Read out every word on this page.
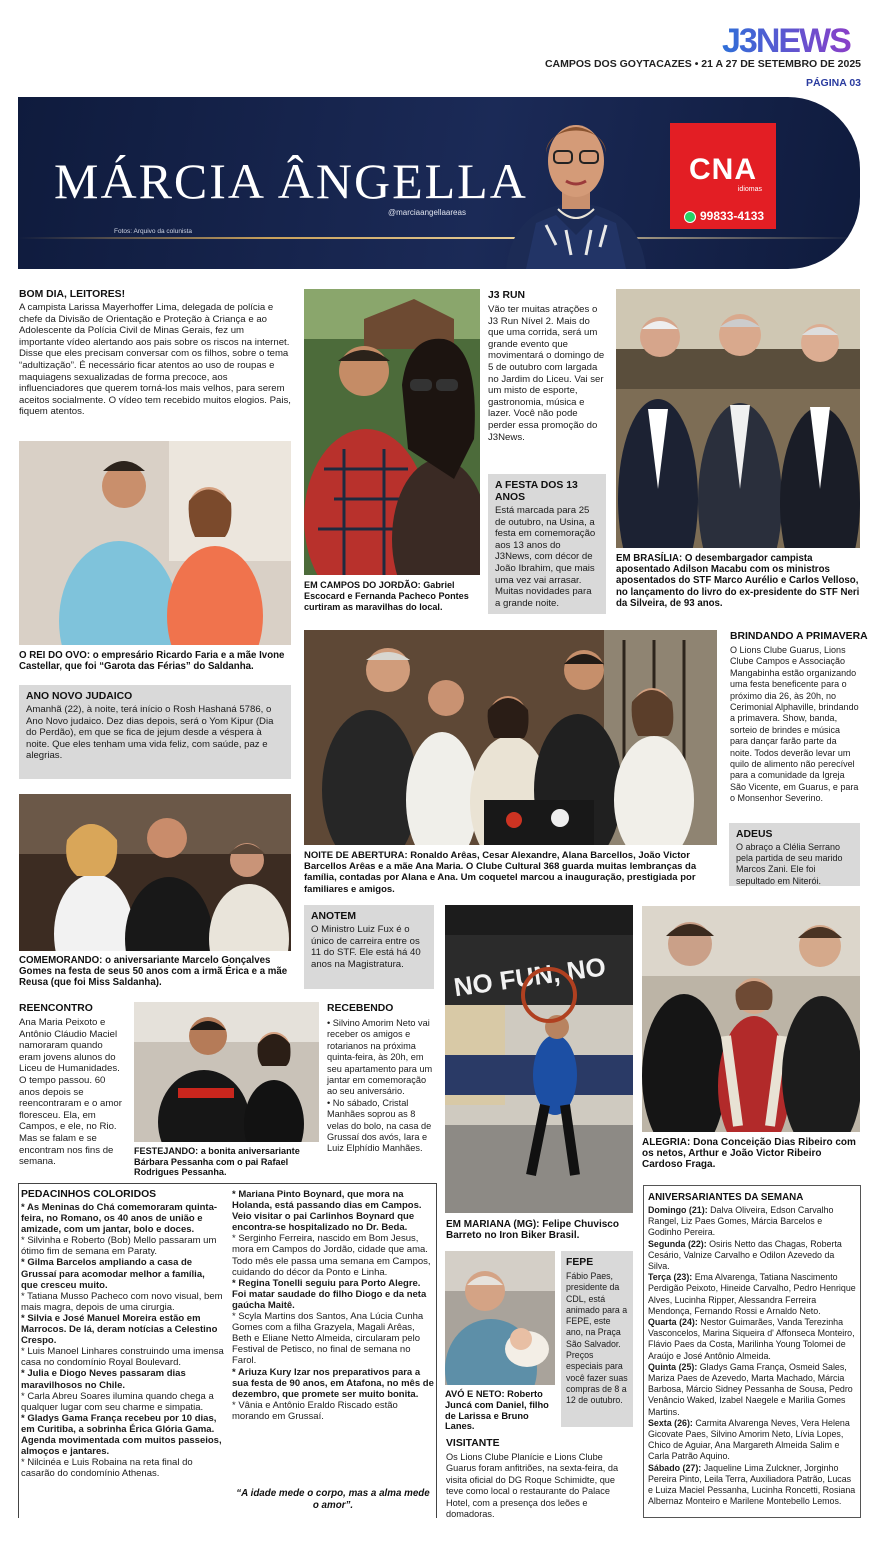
J3NEWS
CAMPOS DOS GOYTACAZES • 21 A 27 DE SETEMBRO DE 2025
PÁGINA 03
MÁRCIA ÂNGELLA
@marciaangellaareas
Fotos: Arquivo da colunista
CNA
idiomas
99833-4133
BOM DIA, LEITORES!
A campista Larissa Mayerhoffer Lima, delegada de polícia e chefe da Divisão de Orientação e Proteção à Criança e ao Adolescente da Polícia Civil de Minas Gerais, fez um importante vídeo alertando aos pais sobre os riscos na internet. Disse que eles precisam conversar com os filhos, sobre o tema “adultização”. É necessário ficar atentos ao uso de roupas e maquiagens sexualizadas de forma precoce, aos influenciadores que querem torná-los mais velhos, para serem aceitos socialmente. O vídeo tem recebido muitos elogios. Pais, fiquem atentos.
O REI DO OVO: o empresário Ricardo Faria e a mãe Ivone Castellar, que foi “Garota das Férias” do Saldanha.
ANO NOVO JUDAICO
Amanhã (22), à noite, terá início o Rosh Hashaná 5786, o Ano Novo judaico. Dez dias depois, será o Yom Kipur (Dia do Perdão), em que se fica de jejum desde a véspera à noite. Que eles tenham uma vida feliz, com saúde, paz e alegrias.
COMEMORANDO: o aniversariante Marcelo Gonçalves Gomes na festa de seus 50 anos com a irmã Érica e a mãe Reusa (que foi Miss Saldanha).
REENCONTRO
Ana Maria Peixoto e Antônio Cláudio Maciel namoraram quando eram jovens alunos do Liceu de Humanidades. O tempo passou. 60 anos depois se reencontraram e o amor floresceu. Ela, em Campos, e ele, no Rio. Mas se falam e se encontram nos fins de semana.
FESTEJANDO: a bonita aniversariante Bárbara Pessanha com o pai Rafael Rodrigues Pessanha.
RECEBENDO
• Silvino Amorim Neto vai receber os amigos e rotarianos na próxima quinta-feira, às 20h, em seu apartamento para um jantar em comemoração ao seu aniversário.
• No sábado, Cristal Manhães soprou as 8 velas do bolo, na casa de Grussaí dos avós, Iara e Luiz Elphídio Manhães.
EM CAMPOS DO JORDÃO: Gabriel Escocard e Fernanda Pacheco Pontes curtiram as maravilhas do local.
J3 RUN
Vão ter muitas atrações o J3 Run Nível 2. Mais do que uma corrida, será um grande evento que movimentará o domingo de 5 de outubro com largada no Jardim do Liceu. Vai ser um misto de esporte, gastronomia, música e lazer. Você não pode perder essa promoção do J3News.
A FESTA DOS 13 ANOS
Está marcada para 25 de outubro, na Usina, a festa em comemoração aos 13 anos do J3News, com décor de João Ibrahim, que mais uma vez vai arrasar. Muitas novidades para a grande noite.
EM BRASÍLIA: O desembargador campista aposentado Adilson Macabu com os ministros aposentados do STF Marco Aurélio e Carlos Velloso, no lançamento do livro do ex-presidente do STF Neri da Silveira, de 93 anos.
NOITE DE ABERTURA: Ronaldo Arêas, Cesar Alexandre, Alana Barcellos, João Victor Barcellos Arêas e a mãe Ana Maria. O Clube Cultural 368 guarda muitas lembranças da família, contadas por Alana e Ana. Um coquetel marcou a inauguração, prestigiada por familiares e amigos.
BRINDANDO A PRIMAVERA
O Lions Clube Guarus, Lions Clube Campos e Associação Mangabinha estão organizando uma festa beneficente para o próximo dia 26, às 20h, no Cerimonial Alphaville, brindando a primavera. Show, banda, sorteio de brindes e música para dançar farão parte da noite. Todos deverão levar um quilo de alimento não perecível para a comunidade da Igreja São Vicente, em Guarus, e para o Monsenhor Severino.
ADEUS
O abraço a Clélia Serrano pela partida de seu marido Marcos Zani. Ele foi sepultado em Niterói.
ANOTEM
O Ministro Luiz Fux é o único de carreira entre os 11 do STF. Ele está há 40 anos na Magistratura.	NO FUN, NO
EM MARIANA (MG): Felipe Chuvisco Barreto no Iron Biker Brasil.
ALEGRIA: Dona Conceição Dias Ribeiro com os netos, Arthur e João Victor Ribeiro Cardoso Fraga.
PEDACINHOS COLORIDOS
* As Meninas do Chá comemoraram quinta-feira, no Romano, os 40 anos de união e amizade, com um jantar, bolo e doces.
* Silvinha e Roberto (Bob) Mello passaram um ótimo fim de semana em Paraty.
* Gilma Barcelos ampliando a casa de Grussaí para acomodar melhor a família, que cresceu muito.
* Tatiana Musso Pacheco com novo visual, bem mais magra, depois de uma cirurgia.
* Silvia e José Manuel Moreira estão em Marrocos. De lá, deram notícias a Celestino Crespo.
* Luis Manoel Linhares construindo uma imensa casa no condomínio Royal Boulevard.
* Julia e Diogo Neves passaram dias maravilhosos no Chile.
* Carla Abreu Soares ilumina quando chega a qualquer lugar com seu charme e simpatia.
* Gladys Gama França recebeu por 10 dias, em Curitiba, a sobrinha Érica Glória Gama. Agenda movimentada com muitos passeios, almoços e jantares.
* Nilcinéa e Luis Robaina na reta final do casarão do condomínio Athenas.
* Mariana Pinto Boynard, que mora na Holanda, está passando dias em Campos. Veio visitar o pai Carlinhos Boynard que encontra-se hospitalizado no Dr. Beda.
* Serginho Ferreira, nascido em Bom Jesus, mora em Campos do Jordão, cidade que ama. Todo mês ele passa uma semana em Campos, cuidando do décor da Ponto e Linha.
* Regina Tonelli seguiu para Porto Alegre. Foi matar saudade do filho Diogo e da neta gaúcha Maitê.
* Scyla Martins dos Santos, Ana Lúcia Cunha Gomes com a filha Grazyela, Magali Arêas, Beth e Eliane Netto Almeida, circularam pelo Festival de Petisco, no final de semana no Farol.
* Ariuza Kury Izar nos preparativos para a sua festa de 90 anos, em Atafona, no mês de dezembro, que promete ser muito bonita.
* Vânia e Antônio Eraldo Riscado estão morando em Grussaí.
“A idade mede o corpo, mas a alma mede o amor”.
AVÓ E NETO: Roberto Juncá com Daniel, filho de Larissa e Bruno Lanes.
FEPE
Fábio Paes, presidente da CDL, está animado para a FEPE, este ano, na Praça São Salvador. Preços especiais para você fazer suas compras de 8 a 12 de outubro.
VISITANTE
Os Lions Clube Planície e Lions Clube Guarus foram anfitriões, na sexta-feira, da visita oficial do DG Roque Schimidte, que teve como local o restaurante do Palace Hotel, com a presença dos leões e domadoras.
ANIVERSARIANTES DA SEMANA
Domingo (21): Dalva Oliveira, Edson Carvalho Rangel, Liz Paes Gomes, Márcia Barcelos e Godinho Pereira.
Segunda (22): Osiris Netto das Chagas, Roberta Cesário, Valnize Carvalho e Odilon Azevedo da Silva.
Terça (23): Ema Alvarenga, Tatiana Nascimento Perdigão Peixoto, Hineide Carvalho, Pedro Henrique Alves, Lucinha Ripper, Alessandra Ferreira Mendonça, Fernando Rossi e Arnaldo Neto.
Quarta (24): Nestor Guimarães, Vanda Terezinha Vasconcelos, Marina Siqueira d' Affonseca Monteiro, Flávio Paes da Costa, Marilinha Young Tolomei de Araújo e José Antônio Almeida.
Quinta (25): Gladys Gama França, Osmeid Sales, Mariza Paes de Azevedo, Marta Machado, Márcia Barbosa, Márcio Sidney Pessanha de Sousa, Pedro Venâncio Waked, Izabel Naegele e Marilia Gomes Martins.
Sexta (26): Carmita Alvarenga Neves, Vera Helena Gicovate Paes, Silvino Amorim Neto, Lívia Lopes, Chico de Aguiar, Ana Margareth Almeida Salim e Carla Patrão Aquino.
Sábado (27): Jaqueline Lima Zulckner, Jorginho Pereira Pinto, Leila Terra, Auxiliadora Patrão, Lucas e Luiza Maciel Pessanha, Lucinha Roncetti, Rosiana Albernaz Monteiro e Marilene Montebello Lemos.
